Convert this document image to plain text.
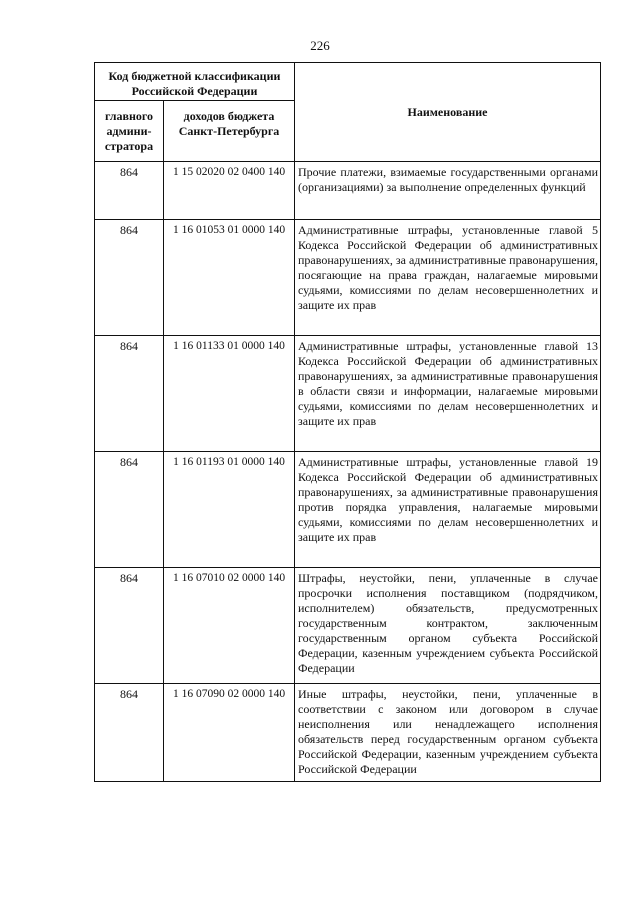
226
Код бюджетной классификации Российской Федерации		Наименование

главного админи-стратора	доходов бюджета Санкт-Петербурга	

864	1 15 02020 02 0400 140	Прочие платежи, взимаемые государственными органами (организациями) за выполнение определенных функций
864	1 16 01053 01 0000 140	Административные штрафы, установленные главой 5 Кодекса Российской Федерации об административных правонарушениях, за административные правонарушения, посягающие на права граждан, налагаемые мировыми судьями, комиссиями по делам несовершеннолетних и защите их прав
864	1 16 01133 01 0000 140	Административные штрафы, установленные главой 13 Кодекса Российской Федерации об административных правонарушениях, за административные правонарушения в области связи и информации, налагаемые мировыми судьями, комиссиями по делам несовершеннолетних и защите их прав
864	1 16 01193 01 0000 140	Административные штрафы, установленные главой 19 Кодекса Российской Федерации об административных правонарушениях, за административные правонарушения против порядка управления, налагаемые мировыми судьями, комиссиями по делам несовершеннолетних и защите их прав
864	1 16 07010 02 0000 140	Штрафы, неустойки, пени, уплаченные в случае просрочки исполнения поставщиком (подрядчиком, исполнителем) обязательств, предусмотренных государственным контрактом, заключенным государственным органом субъекта Российской Федерации, казенным учреждением субъекта Российской Федерации
864	1 16 07090 02 0000 140	Иные штрафы, неустойки, пени, уплаченные в соответствии с законом или договором в случае неисполнения или ненадлежащего исполнения обязательств перед государственным органом субъекта Российской Федерации, казенным учреждением субъекта Российской Федерации
